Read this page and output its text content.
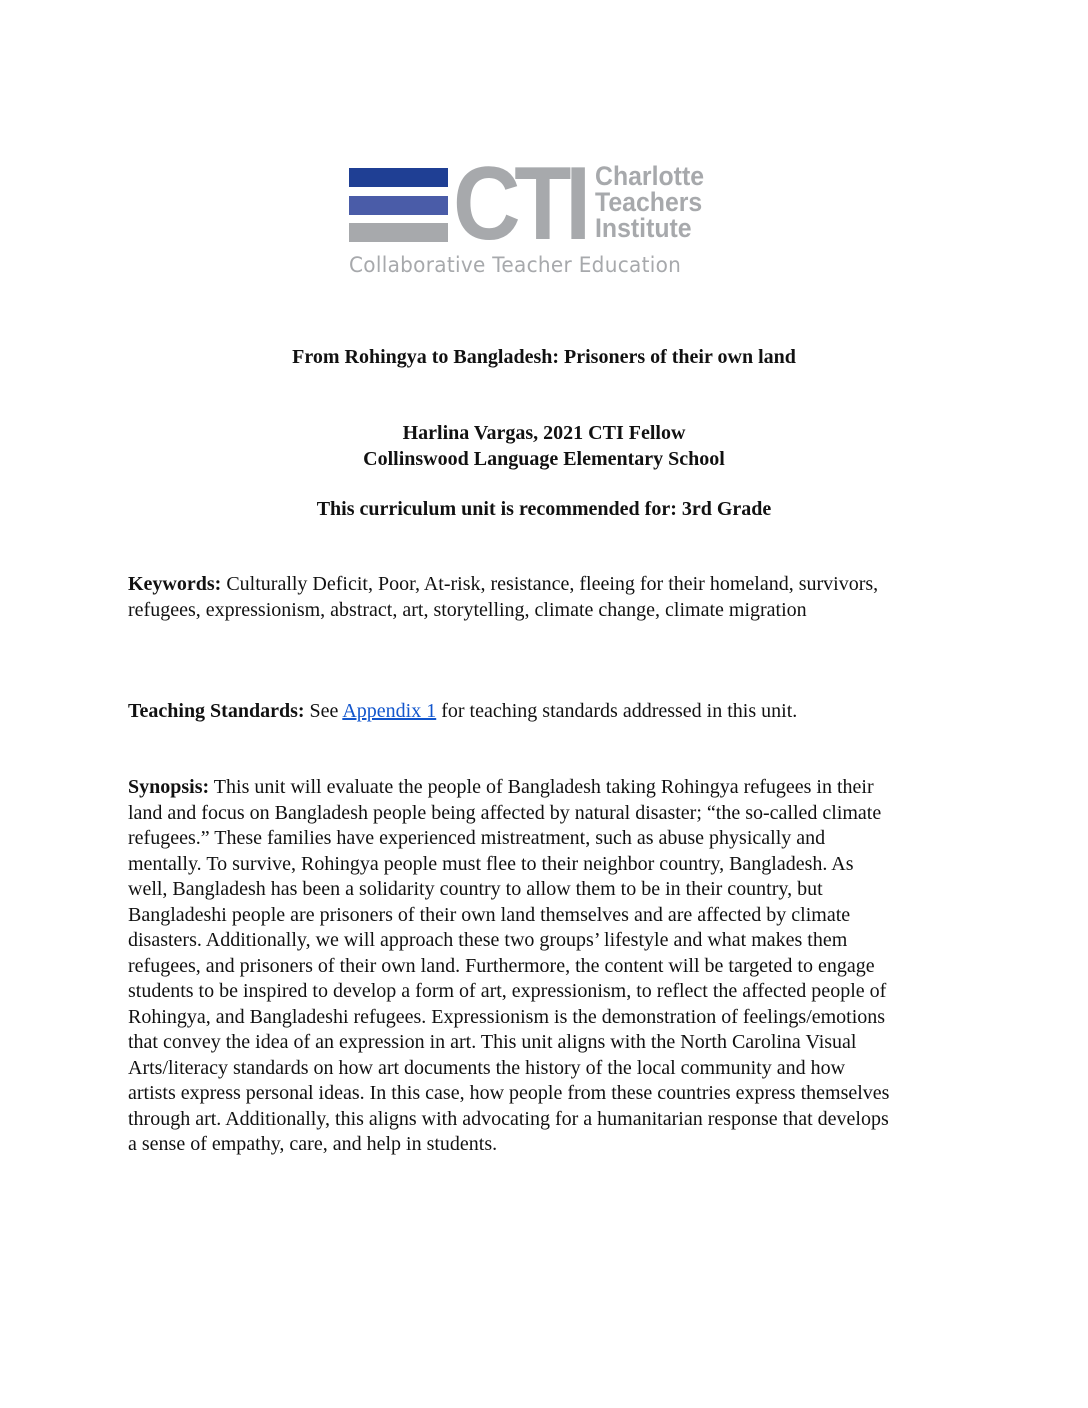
CTI Charlotte
Teachers
Institute
Collaborative Teacher Education
From Rohingya to Bangladesh: Prisoners of their own land
Harlina Vargas, 2021 CTI Fellow
Collinswood Language Elementary School
This curriculum unit is recommended for: 3rd Grade
Keywords: Culturally Deficit, Poor, At-risk, resistance, fleeing for their homeland, survivors,
refugees, expressionism, abstract, art, storytelling, climate change, climate migration
Teaching Standards: See Appendix 1 for teaching standards addressed in this unit.
Synopsis: This unit will evaluate the people of Bangladesh taking Rohingya refugees in their
land and focus on Bangladesh people being affected by natural disaster; “the so-called climate
refugees.” These families have experienced mistreatment, such as abuse physically and
mentally. To survive, Rohingya people must flee to their neighbor country, Bangladesh. As
well, Bangladesh has been a solidarity country to allow them to be in their country, but
Bangladeshi people are prisoners of their own land themselves and are affected by climate
disasters. Additionally, we will approach these two groups’ lifestyle and what makes them
refugees, and prisoners of their own land. Furthermore, the content will be targeted to engage
students to be inspired to develop a form of art, expressionism, to reflect the affected people of
Rohingya, and Bangladeshi refugees. Expressionism is the demonstration of feelings/emotions
that convey the idea of an expression in art. This unit aligns with the North Carolina Visual
Arts/literacy standards on how art documents the history of the local community and how
artists express personal ideas. In this case, how people from these countries express themselves
through art. Additionally, this aligns with advocating for a humanitarian response that develops
a sense of empathy, care, and help in students.
